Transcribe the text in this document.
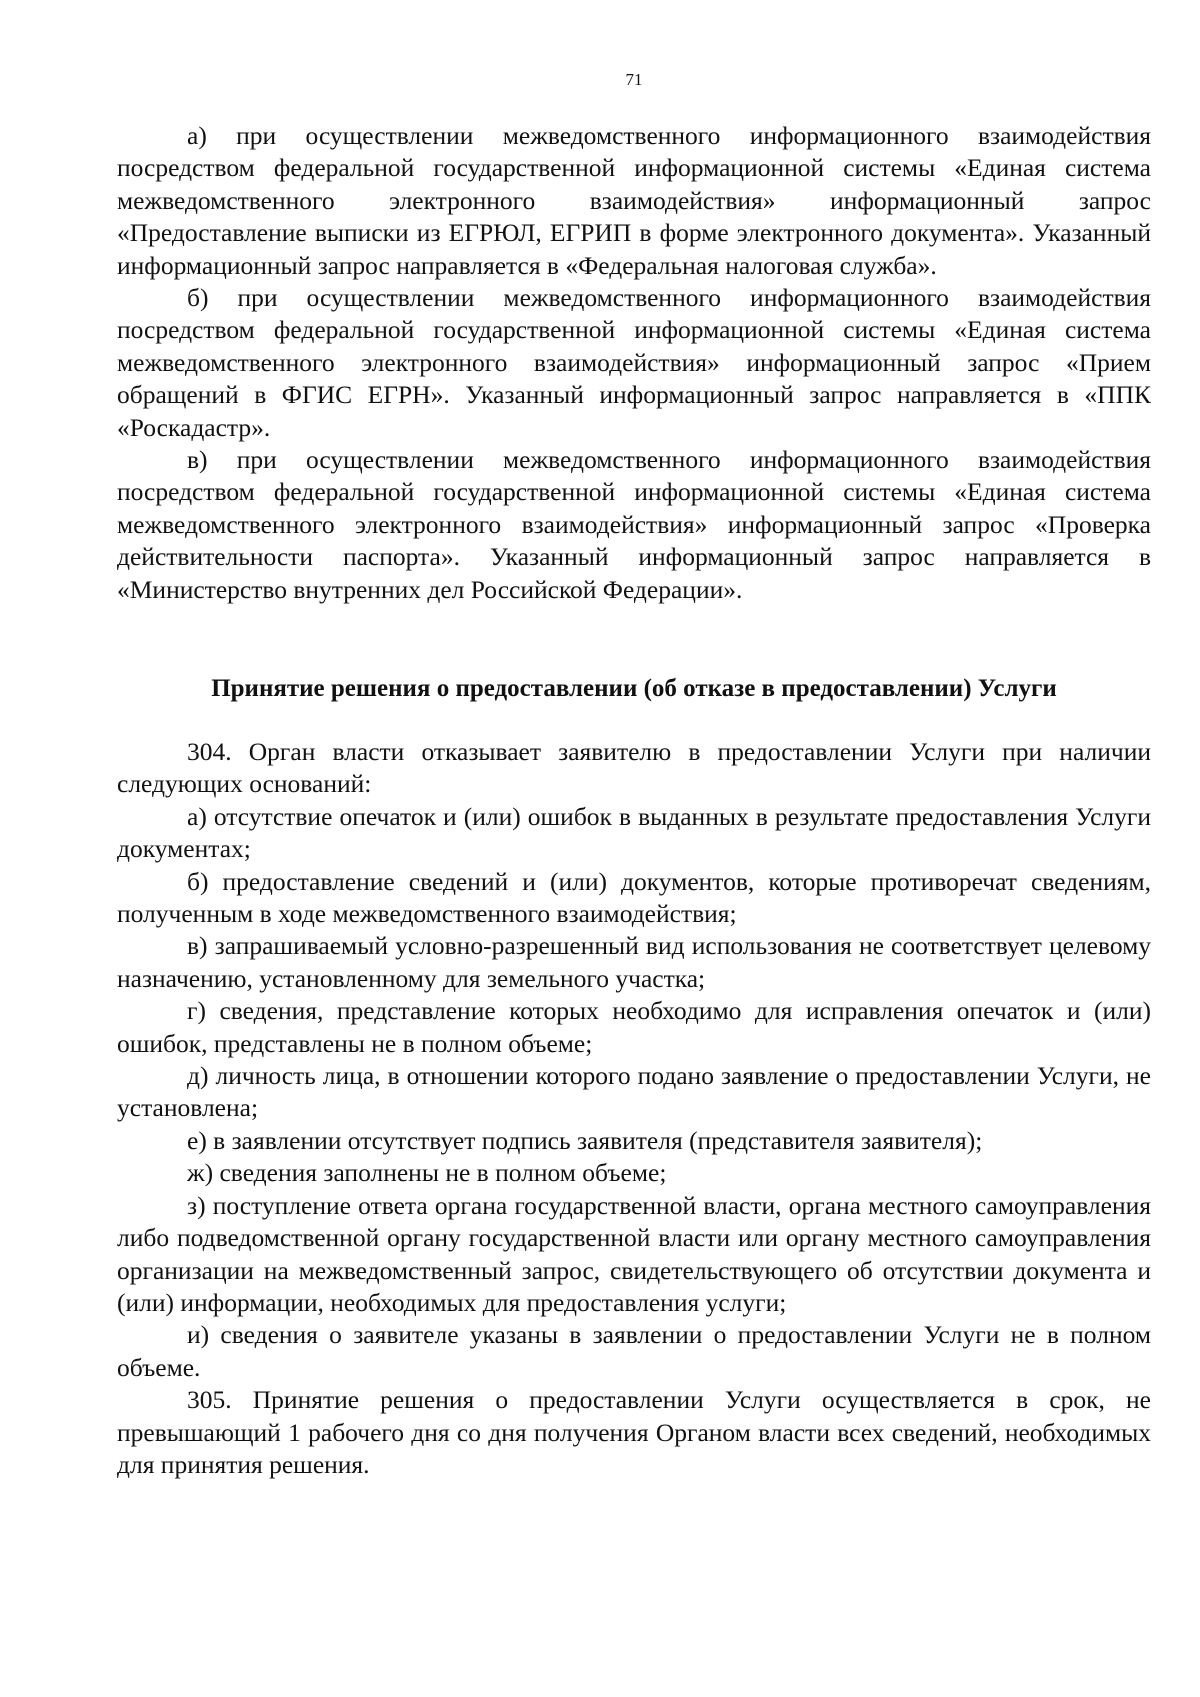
71

а) при осуществлении межведомственного информационного взаимодействия посредством федеральной государственной информационной системы «Единая система межведомственного электронного взаимодействия» информационный запрос «Предоставление выписки из ЕГРЮЛ, ЕГРИП в форме электронного документа». Указанный информационный запрос направляется в «Федеральная налоговая служба».

б) при осуществлении межведомственного информационного взаимодействия посредством федеральной государственной информационной системы «Единая система межведомственного электронного взаимодействия» информационный запрос «Прием обращений в ФГИС ЕГРН». Указанный информационный запрос направляется в «ППК «Роскадастр».

в) при осуществлении межведомственного информационного взаимодействия посредством федеральной государственной информационной системы «Единая система межведомственного электронного взаимодействия» информационный запрос «Проверка действительности паспорта». Указанный информационный запрос направляется в «Министерство внутренних дел Российской Федерации».

Принятие решения о предоставлении (об отказе в предоставлении) Услуги

304. Орган власти отказывает заявителю в предоставлении Услуги при наличии следующих оснований:

а) отсутствие опечаток и (или) ошибок в выданных в результате предоставления Услуги документах;

б) предоставление сведений и (или) документов, которые противоречат сведениям, полученным в ходе межведомственного взаимодействия;

в) запрашиваемый условно-разрешенный вид использования не соответствует целевому назначению, установленному для земельного участка;

г) сведения, представление которых необходимо для исправления опечаток и (или) ошибок, представлены не в полном объеме;

д) личность лица, в отношении которого подано заявление о предоставлении Услуги, не установлена;

е) в заявлении отсутствует подпись заявителя (представителя заявителя);

ж) сведения заполнены не в полном объеме;

з) поступление ответа органа государственной власти, органа местного самоуправления либо подведомственной органу государственной власти или органу местного самоуправления организации на межведомственный запрос, свидетельствующего об отсутствии документа и (или) информации, необходимых для предоставления услуги;

и) сведения о заявителе указаны в заявлении о предоставлении Услуги не в полном объеме.

305. Принятие решения о предоставлении Услуги осуществляется в срок, не превышающий 1 рабочего дня со дня получения Органом власти всех сведений, необходимых для принятия решения.
